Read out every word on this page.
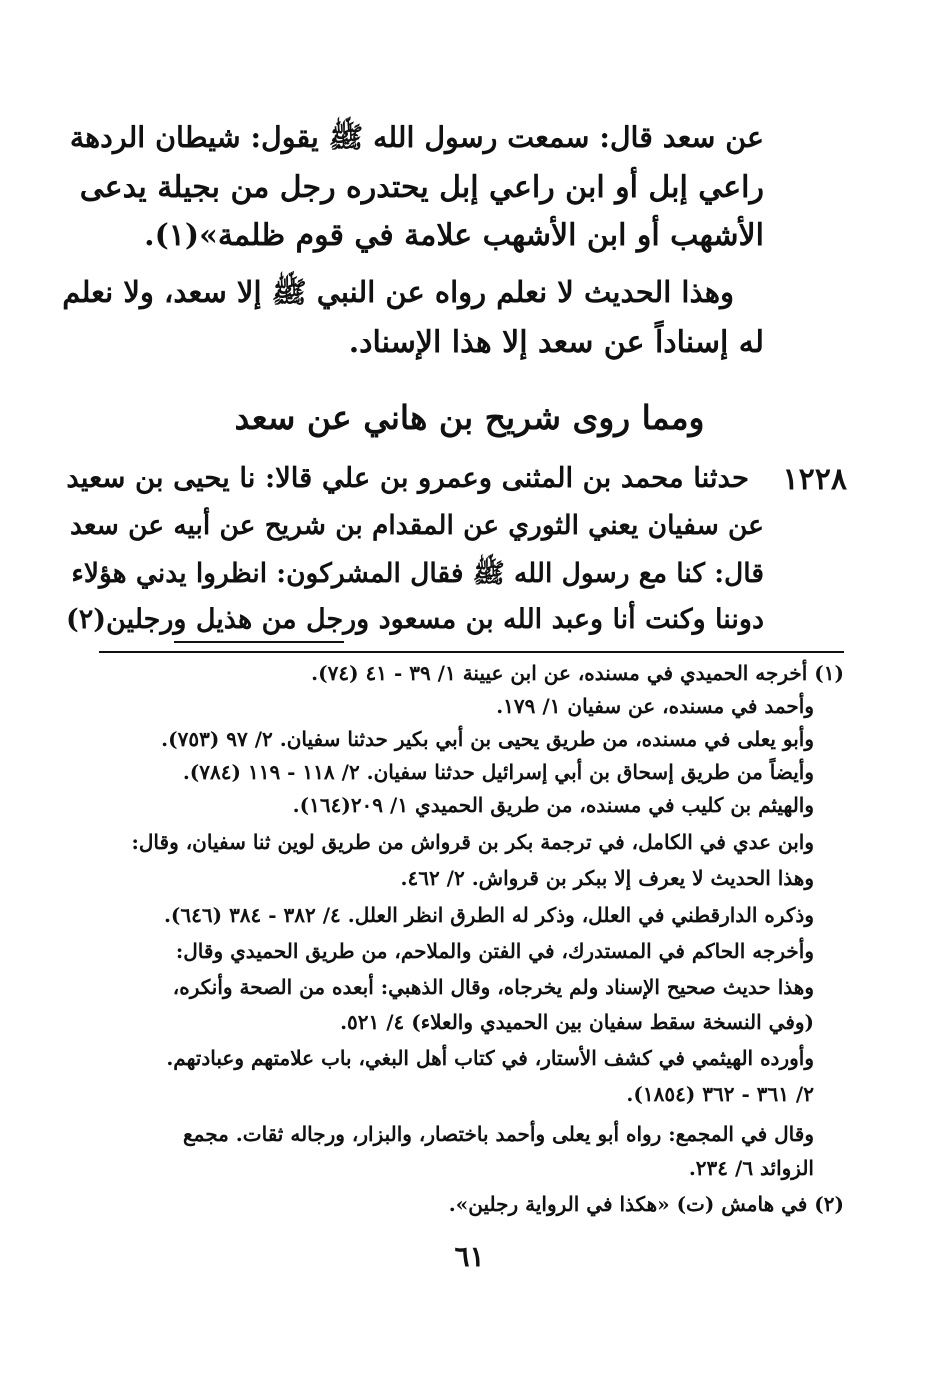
عن سعد قال: سمعت رسول الله ﷺ يقول: شيطان الردهة
راعي إبل أو ابن راعي إبل يحتدره رجل من بجيلة يدعى
الأشهب أو ابن الأشهب علامة في قوم ظلمة»(١).
وهذا الحديث لا نعلم رواه عن النبي ﷺ إلا سعد، ولا نعلم
له إسناداً عن سعد إلا هذا الإسناد.
ومما روى شريح بن هاني عن سعد
١٢٢٨
حدثنا محمد بن المثنى وعمرو بن علي قالا: نا يحيى بن سعيد
عن سفيان يعني الثوري عن المقدام بن شريح عن أبيه عن سعد
قال: كنا مع رسول الله ﷺ فقال المشركون: انظروا يدني هؤلاء
دوننا وكنت أنا وعبد الله بن مسعود ورجل من هذيل ورجلين(٢)
(١) أخرجه الحميدي في مسنده، عن ابن عيينة ١/ ٣٩ - ٤١ (٧٤).
وأحمد في مسنده، عن سفيان ١/ ١٧٩.
وأبو يعلى في مسنده، من طريق يحيى بن أبي بكير حدثنا سفيان. ٢/ ٩٧ (٧٥٣).
وأيضاً من طريق إسحاق بن أبي إسرائيل حدثنا سفيان. ٢/ ١١٨ - ١١٩ (٧٨٤).
والهيثم بن كليب في مسنده، من طريق الحميدي ١/ ٢٠٩(١٦٤).
وابن عدي في الكامل، في ترجمة بكر بن قرواش من طريق لوين ثنا سفيان، وقال:
وهذا الحديث لا يعرف إلا ببكر بن قرواش. ٢/ ٤٦٢.
وذكره الدارقطني في العلل، وذكر له الطرق انظر العلل. ٤/ ٣٨٢ - ٣٨٤ (٦٤٦).
وأخرجه الحاكم في المستدرك، في الفتن والملاحم، من طريق الحميدي وقال:
وهذا حديث صحيح الإسناد ولم يخرجاه، وقال الذهبي: أبعده من الصحة وأنكره،
(وفي النسخة سقط سفيان بين الحميدي والعلاء) ٤/ ٥٢١.
وأورده الهيثمي في كشف الأستار، في كتاب أهل البغي، باب علامتهم وعبادتهم.
٢/ ٣٦١ - ٣٦٢ (١٨٥٤).
وقال في المجمع: رواه أبو يعلى وأحمد باختصار، والبزار، ورجاله ثقات. مجمع
الزوائد ٦/ ٢٣٤.
(٢) في هامش (ت) «هكذا في الرواية رجلين».
٦١
